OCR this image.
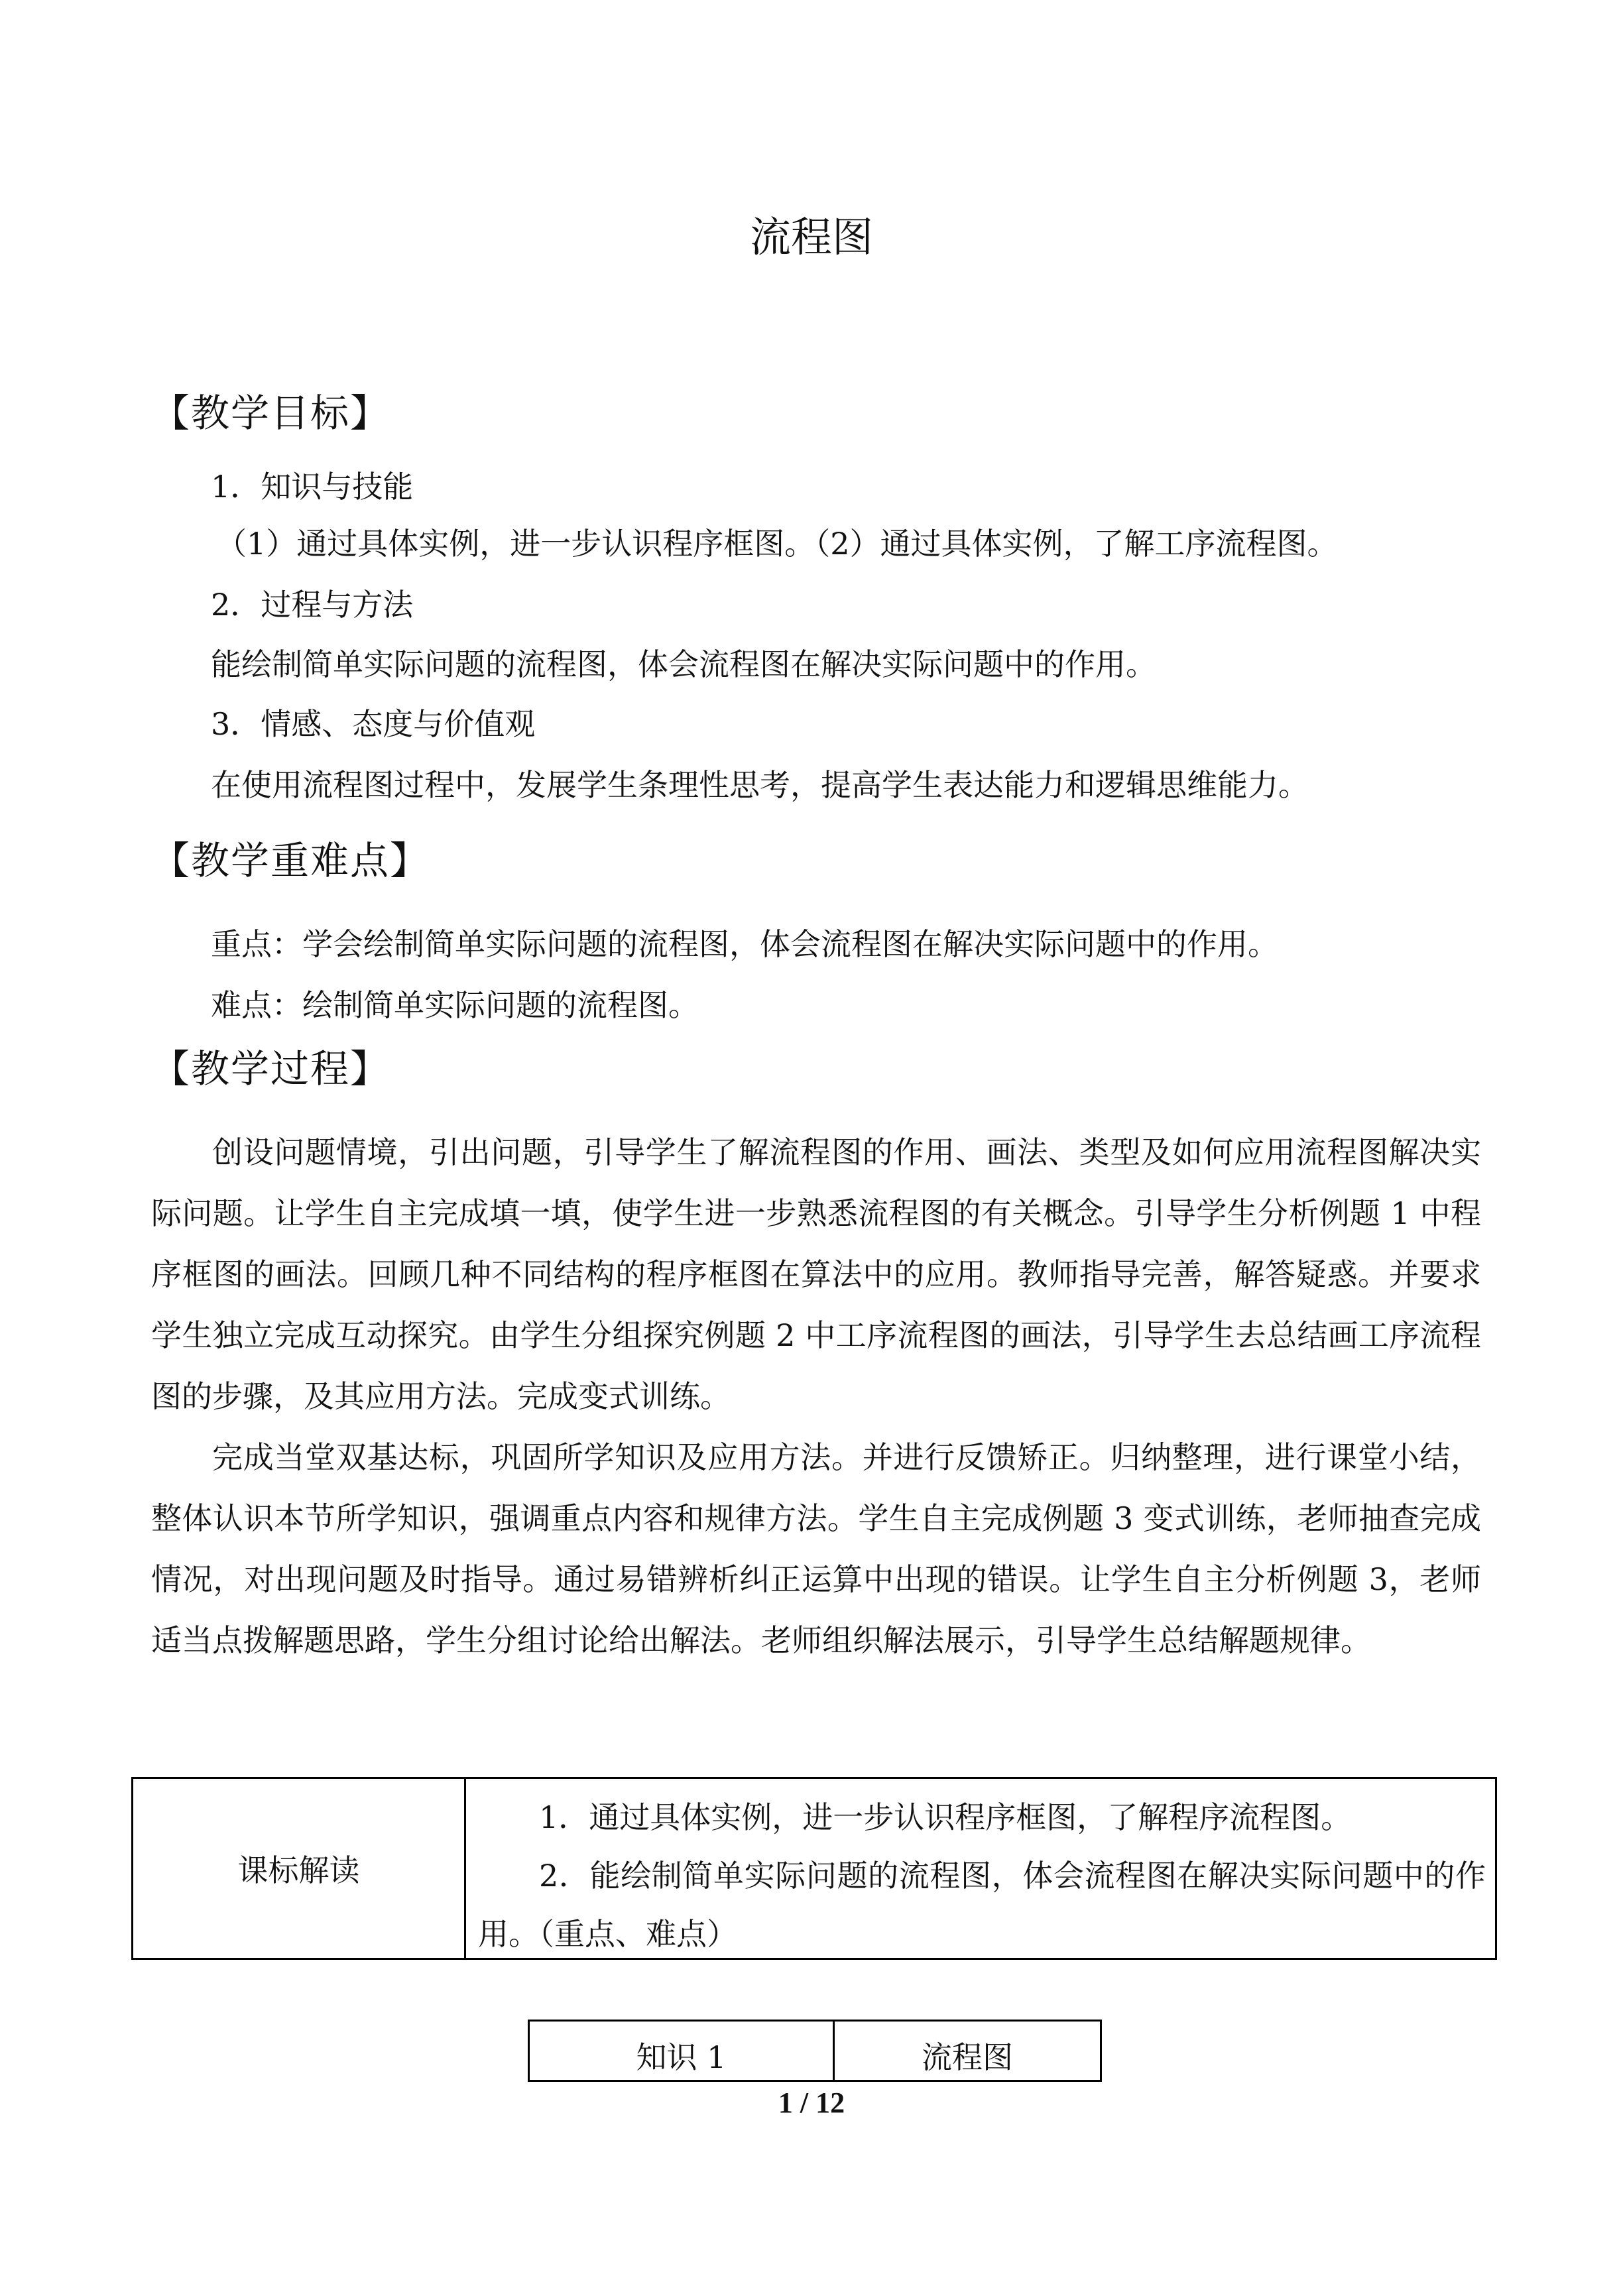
流程图
【教学目标】
1．知识与技能
（1）通过具体实例，进一步认识程序框图。（2）通过具体实例，了解工序流程图。
2．过程与方法
能绘制简单实际问题的流程图，体会流程图在解决实际问题中的作用。
3．情感、态度与价值观
在使用流程图过程中，发展学生条理性思考，提高学生表达能力和逻辑思维能力。
【教学重难点】
重点：学会绘制简单实际问题的流程图，体会流程图在解决实际问题中的作用。
难点：绘制简单实际问题的流程图。
【教学过程】
创设问题情境，引出问题，引导学生了解流程图的作用、画法、类型及如何应用流程图解决实际问题。让学生自主完成填一填，使学生进一步熟悉流程图的有关概念。引导学生分析例题 1 中程序框图的画法。回顾几种不同结构的程序框图在算法中的应用。教师指导完善，解答疑惑。并要求学生独立完成互动探究。由学生分组探究例题 2 中工序流程图的画法，引导学生去总结画工序流程图的步骤，及其应用方法。完成变式训练。
完成当堂双基达标，巩固所学知识及应用方法。并进行反馈矫正。归纳整理，进行课堂小结，整体认识本节所学知识，强调重点内容和规律方法。学生自主完成例题 3 变式训练，老师抽查完成情况，对出现问题及时指导。通过易错辨析纠正运算中出现的错误。让学生自主分析例题 3，老师适当点拨解题思路，学生分组讨论给出解法。老师组织解法展示，引导学生总结解题规律。
课标解读
1．通过具体实例，进一步认识程序框图，了解程序流程图。
2．能绘制简单实际问题的流程图，体会流程图在解决实际问题中的作用。（重点、难点）
知识 1	流程图
1 / 12
